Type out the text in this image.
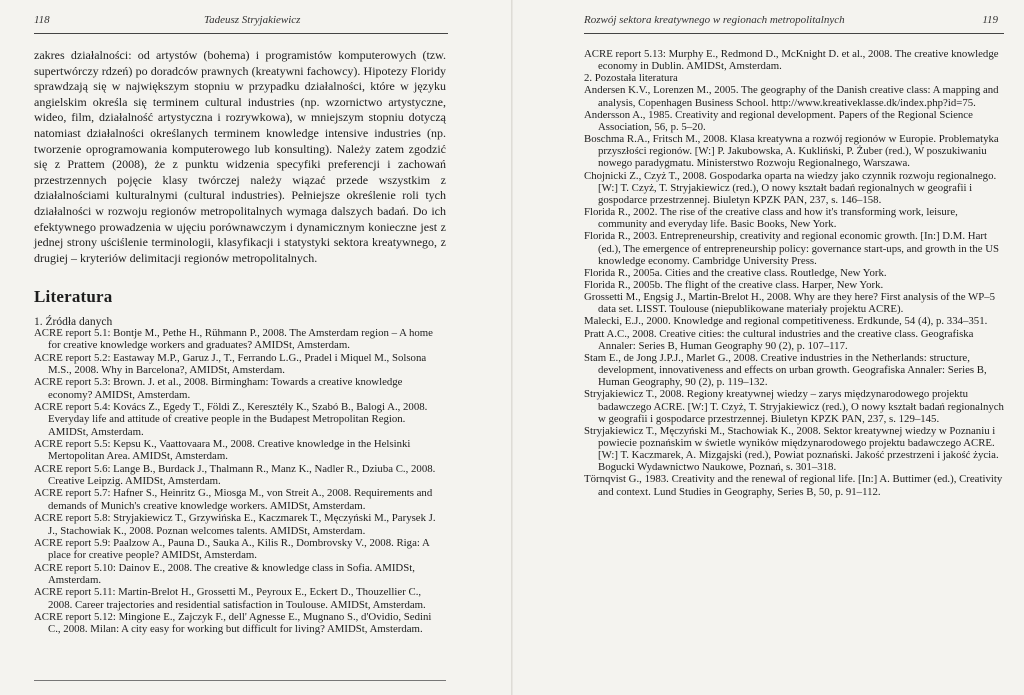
118	Tadeusz Stryjakiewicz

zakres działalności: od artystów (bohema) i programistów komputerowych (tzw. supertwórczy rdzeń) po doradców prawnych (kreatywni fachowcy). Hipotezy Floridy sprawdzają się w największym stopniu w przypadku działalności, które w języku angielskim określa się terminem cultural industries (np. wzornictwo artystyczne, wideo, film, działalność artystyczna i rozrywkowa), w mniejszym stopniu dotyczą natomiast działalności określanych terminem knowledge intensive industries (np. tworzenie oprogramowania komputerowego lub konsulting). Należy zatem zgodzić się z Prattem (2008), że z punktu widzenia specyfiki preferencji i zachowań przestrzennych pojęcie klasy twórczej należy wiązać przede wszystkim z działalnościami kulturalnymi (cultural industries). Pełniejsze określenie roli tych działalności w rozwoju regionów metropolitalnych wymaga dalszych badań. Do ich efektywnego prowadzenia w ujęciu porównawczym i dynamicznym konieczne jest z jednej strony uściślenie terminologii, klasyfikacji i statystyki sektora kreatywnego, z drugiej – kryteriów delimitacji regionów metropolitalnych.

Literatura
1. Źródła danych

ACRE report 5.1: Bontje M., Pethe H., Rühmann P., 2008. The Amsterdam region – A home for creative knowledge workers and graduates? AMIDSt, Amsterdam.

ACRE report 5.2: Eastaway M.P., Garuz J., T., Ferrando L.G., Pradel i Miquel M., Solsona M.S., 2008. Why in Barcelona?, AMIDSt, Amsterdam.

ACRE report 5.3: Brown. J. et al., 2008. Birmingham: Towards a creative knowledge economy? AMIDSt, Amsterdam.

ACRE report 5.4: Kovács Z., Egedy T., Földi Z., Keresztély K., Szabó B., Balogi A., 2008. Everyday life and attitude of creative people in the Budapest Metropolitan Region. AMIDSt, Amsterdam.

ACRE report 5.5: Kepsu K., Vaattovaara M., 2008. Creative knowledge in the Helsinki Mertopolitan Area. AMIDSt, Amsterdam.

ACRE report 5.6: Lange B., Burdack J., Thalmann R., Manz K., Nadler R., Dziuba C., 2008. Creative Leipzig. AMIDSt, Amsterdam.

ACRE report 5.7: Hafner S., Heinritz G., Miosga M., von Streit A., 2008. Requirements and demands of Munich's creative knowledge workers. AMIDSt, Amsterdam.

ACRE report 5.8: Stryjakiewicz T., Grzywińska E., Kaczmarek T., Męczyński M., Parysek J. J., Stachowiak K., 2008. Poznan welcomes talents. AMIDSt, Amsterdam.

ACRE report 5.9: Paalzow A., Pauna D., Sauka A., Kilis R., Dombrovsky V., 2008. Riga: A place for creative people? AMIDSt, Amsterdam.

ACRE report 5.10: Dainov E., 2008. The creative & knowledge class in Sofia. AMIDSt, Amsterdam.

ACRE report 5.11: Martin-Brelot H., Grossetti M., Peyroux E., Eckert D., Thouzellier C., 2008. Career trajectories and residential satisfaction in Toulouse. AMIDSt, Amsterdam.

ACRE report 5.12: Mingione E., Zajczyk F., dell' Agnesse E., Mugnano S., d'Ovidio, Sedini C., 2008. Milan: A city easy for working but difficult for living? AMIDSt, Amsterdam.

Rozwój sektora kreatywnego w regionach metropolitalnych	119

ACRE report 5.13: Murphy E., Redmond D., McKnight D. et al., 2008. The creative knowledge economy in Dublin. AMIDSt, Amsterdam.

2. Pozostała literatura

Andersen K.V., Lorenzen M., 2005. The geography of the Danish creative class: A mapping and analysis, Copenhagen Business School. http://www.kreativeklasse.dk/index.php?id=75.

Andersson A., 1985. Creativity and regional development. Papers of the Regional Science Association, 56, p. 5–20.

Boschma R.A., Fritsch M., 2008. Klasa kreatywna a rozwój regionów w Europie. Problematyka przyszłości regionów. [W:] P. Jakubowska, A. Kukliński, P. Żuber (red.), W poszukiwaniu nowego paradygmatu. Ministerstwo Rozwoju Regionalnego, Warszawa.

Chojnicki Z., Czyż T., 2008. Gospodarka oparta na wiedzy jako czynnik rozwoju regionalnego. [W:] T. Czyż, T. Stryjakiewicz (red.), O nowy kształt badań regionalnych w geografii i gospodarce przestrzennej. Biuletyn KPZK PAN, 237, s. 146–158.

Florida R., 2002. The rise of the creative class and how it's transforming work, leisure, community and everyday life. Basic Books, New York.

Florida R., 2003. Entrepreneurship, creativity and regional economic growth. [In:] D.M. Hart (ed.), The emergence of entrepreneurship policy: governance start-ups, and growth in the US knowledge economy. Cambridge University Press.

Florida R., 2005a. Cities and the creative class. Routledge, New York.

Florida R., 2005b. The flight of the creative class. Harper, New York.

Grossetti M., Engsig J., Martin-Brelot H., 2008. Why are they here? First analysis of the WP–5 data set. LISST. Toulouse (niepublikowane materiały projektu ACRE).

Malecki, E.J., 2000. Knowledge and regional competitiveness. Erdkunde, 54 (4), p. 334–351.

Pratt A.C., 2008. Creative cities: the cultural industries and the creative class. Geografiska Annaler: Series B, Human Geography 90 (2), p. 107–117.

Stam E., de Jong J.P.J., Marlet G., 2008. Creative industries in the Netherlands: structure, development, innovativeness and effects on urban growth. Geografiska Annaler: Series B, Human Geography, 90 (2), p. 119–132.

Stryjakiewicz T., 2008. Regiony kreatywnej wiedzy – zarys międzynarodowego projektu badawczego ACRE. [W:] T. Czyż, T. Stryjakiewicz (red.), O nowy kształt badań regionalnych w geografii i gospodarce przestrzennej. Biuletyn KPZK PAN, 237, s. 129–145.

Stryjakiewicz T., Męczyński M., Stachowiak K., 2008. Sektor kreatywnej wiedzy w Poznaniu i powiecie poznańskim w świetle wyników międzynarodowego projektu badawczego ACRE. [W:] T. Kaczmarek, A. Mizgajski (red.), Powiat poznański. Jakość przestrzeni i jakość życia. Bogucki Wydawnictwo Naukowe, Poznań, s. 301–318.

Törnqvist G., 1983. Creativity and the renewal of regional life. [In:] A. Buttimer (ed.), Creativity and context. Lund Studies in Geography, Series B, 50, p. 91–112.
